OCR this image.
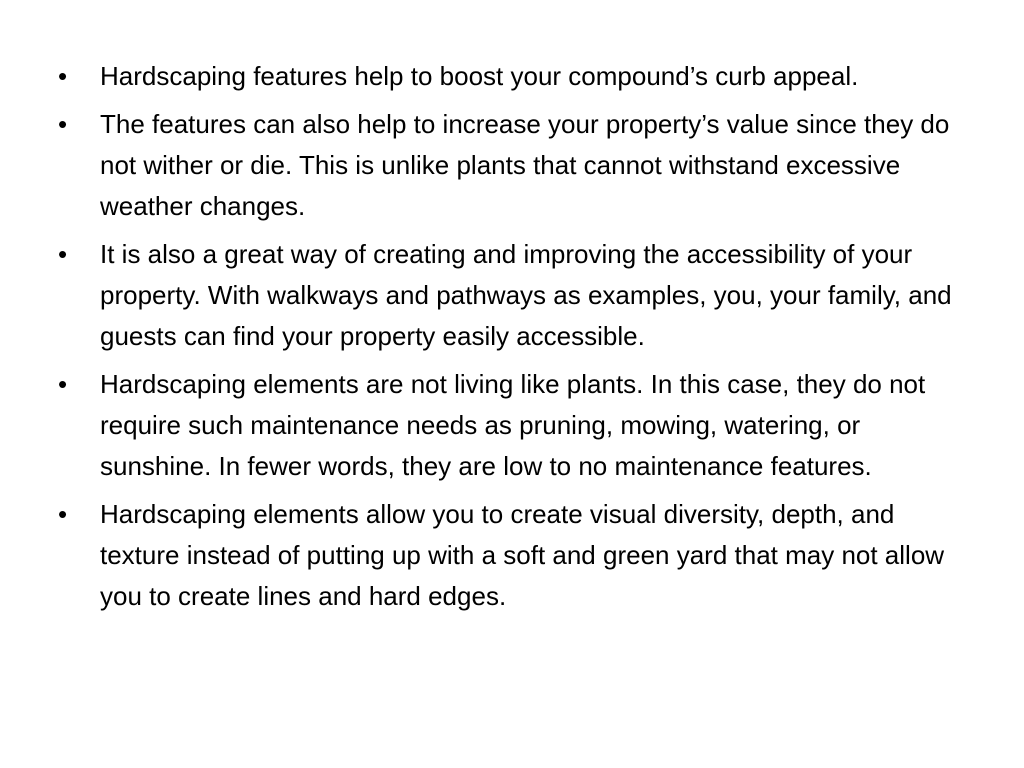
•	Hardscaping features help to boost your compound’s curb appeal.
•	The features can also help to increase your property’s value since they do not wither or die. This is unlike plants that cannot withstand excessive weather changes.
•	It is also a great way of creating and improving the accessibility of your property. With walkways and pathways as examples, you, your family, and guests can find your property easily accessible.
•	Hardscaping elements are not living like plants. In this case, they do not require such maintenance needs as pruning, mowing, watering, or sunshine. In fewer words, they are low to no maintenance features.
•	Hardscaping elements allow you to create visual diversity, depth, and texture instead of putting up with a soft and green yard that may not allow you to create lines and hard edges.
